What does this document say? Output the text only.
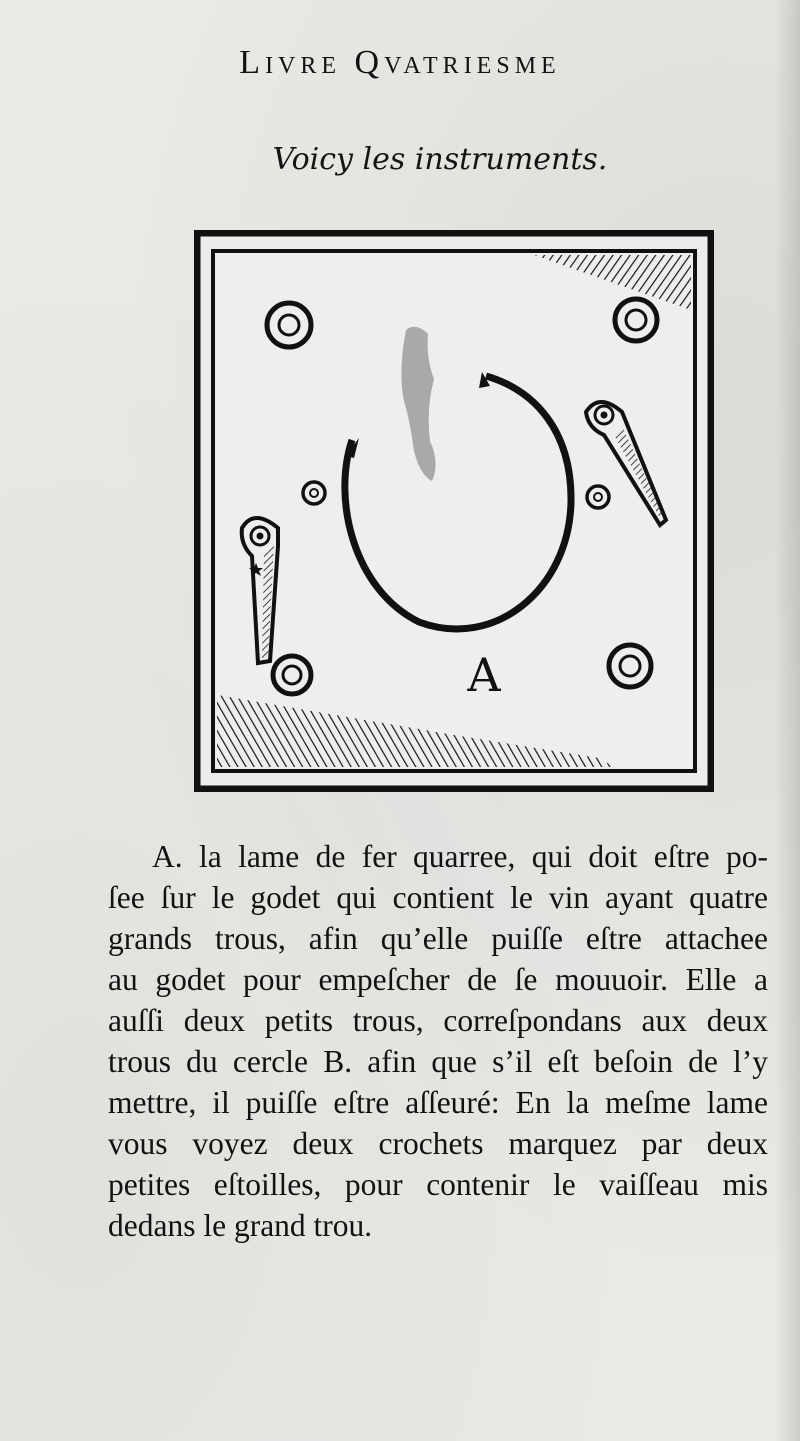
Livre Qvatriesme
Voicy les instruments.
A
A. la lame de fer quarree, qui doit eſtre po-
ſee ſur le godet qui contient le vin ayant quatre
grands trous, afin qu’elle puiſſe eſtre attachee
au godet pour empeſcher de ſe mouuoir. Elle a
auſſi deux petits trous, correſpondans aux deux
trous du cercle B. afin que s’il eſt beſoin de l’y
mettre, il puiſſe eſtre aſſeuré: En la meſme lame
vous voyez deux crochets marquez par deux
petites eſtoilles, pour contenir le vaiſſeau mis
dedans le grand trou.
